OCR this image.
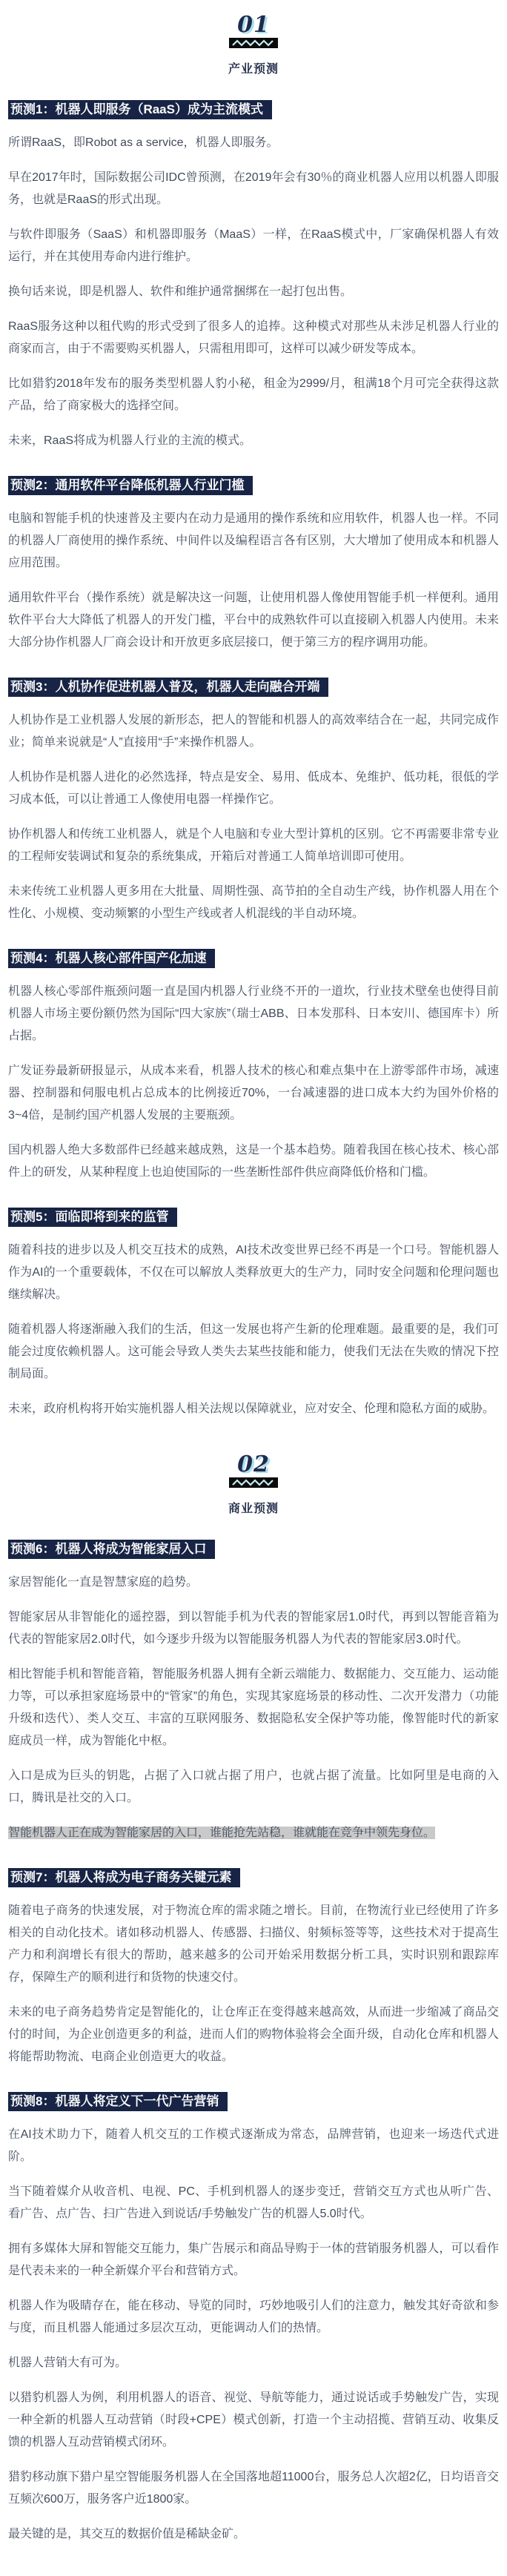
01
产业预测
预测1：机器人即服务（RaaS）成为主流模式

所谓RaaS，即Robot as a service，机器人即服务。

早在2017年时，国际数据公司IDC曾预测，在2019年会有30％的商业机器人应用以机器人即服务，也就是RaaS的形式出现。

与软件即服务（SaaS）和机器即服务（MaaS）一样，在RaaS模式中，厂家确保机器人有效运行，并在其使用寿命内进行维护。

换句话来说，即是机器人、软件和维护通常捆绑在一起打包出售。

RaaS服务这种以租代购的形式受到了很多人的追捧。这种模式对那些从未涉足机器人行业的商家而言，由于不需要购买机器人，只需租用即可，这样可以减少研发等成本。

比如猎豹2018年发布的服务类型机器人豹小秘，租金为2999/月，租满18个月可完全获得这款产品，给了商家极大的选择空间。

未来，RaaS将成为机器人行业的主流的模式。

预测2：通用软件平台降低机器人行业门槛

电脑和智能手机的快速普及主要内在动力是通用的操作系统和应用软件，机器人也一样。不同的机器人厂商使用的操作系统、中间件以及编程语言各有区别，大大增加了使用成本和机器人应用范围。

通用软件平台（操作系统）就是解决这一问题，让使用机器人像使用智能手机一样便利。通用软件平台大大降低了机器人的开发门槛，平台中的成熟软件可以直接刷入机器人内使用。未来大部分协作机器人厂商会设计和开放更多底层接口，便于第三方的程序调用功能。

预测3：人机协作促进机器人普及，机器人走向融合开端

人机协作是工业机器人发展的新形态，把人的智能和机器人的高效率结合在一起，共同完成作业；简单来说就是“人”直接用“手”来操作机器人。

人机协作是机器人进化的必然选择，特点是安全、易用、低成本、免维护、低功耗，很低的学习成本低，可以让普通工人像使用电器一样操作它。

协作机器人和传统工业机器人，就是个人电脑和专业大型计算机的区别。它不再需要非常专业的工程师安装调试和复杂的系统集成，开箱后对普通工人简单培训即可使用。

未来传统工业机器人更多用在大批量、周期性强、高节拍的全自动生产线，协作机器人用在个性化、小规模、变动频繁的小型生产线或者人机混线的半自动环境。

预测4：机器人核心部件国产化加速

机器人核心零部件瓶颈问题一直是国内机器人行业绕不开的一道坎，行业技术壁垒也使得目前机器人市场主要份额仍然为国际“四大家族”（瑞士ABB、日本发那科、日本安川、德国库卡）所占据。

广发证券最新研报显示，从成本来看，机器人技术的核心和难点集中在上游零部件市场，减速器、控制器和伺服电机占总成本的比例接近70%，一台减速器的进口成本大约为国外价格的3~4倍，是制约国产机器人发展的主要瓶颈。

国内机器人绝大多数部件已经越来越成熟，这是一个基本趋势。随着我国在核心技术、核心部件上的研发，从某种程度上也迫使国际的一些垄断性部件供应商降低价格和门槛。

预测5：面临即将到来的监管

随着科技的进步以及人机交互技术的成熟，AI技术改变世界已经不再是一个口号。智能机器人作为AI的一个重要载体，不仅在可以解放人类释放更大的生产力，同时安全问题和伦理问题也继续解决。

随着机器人将逐渐融入我们的生活，但这一发展也将产生新的伦理难题。最重要的是，我们可能会过度依赖机器人。这可能会导致人类失去某些技能和能力，使我们无法在失败的情况下控制局面。

未来，政府机构将开始实施机器人相关法规以保障就业，应对安全、伦理和隐私方面的威胁。

02
商业预测
预测6：机器人将成为智能家居入口

家居智能化一直是智慧家庭的趋势。

智能家居从非智能化的遥控器，到以智能手机为代表的智能家居1.0时代，再到以智能音箱为代表的智能家居2.0时代，如今逐步升级为以智能服务机器人为代表的智能家居3.0时代。

相比智能手机和智能音箱，智能服务机器人拥有全新云端能力、数据能力、交互能力、运动能力等，可以承担家庭场景中的“管家”的角色，实现其家庭场景的移动性、二次开发潜力（功能升级和迭代）、类人交互、丰富的互联网服务、数据隐私安全保护等功能，像智能时代的新家庭成员一样，成为智能化中枢。

入口是成为巨头的钥匙，占据了入口就占据了用户，也就占据了流量。比如阿里是电商的入口，腾讯是社交的入口。

智能机器人正在成为智能家居的入口，谁能抢先站稳，谁就能在竞争中领先身位。

预测7：机器人将成为电子商务关键元素

随着电子商务的快速发展，对于物流仓库的需求随之增长。目前，在物流行业已经使用了许多相关的自动化技术。诸如移动机器人、传感器、扫描仪、射频标签等等，这些技术对于提高生产力和利润增长有很大的帮助，越来越多的公司开始采用数据分析工具，实时识别和跟踪库存，保障生产的顺利进行和货物的快速交付。

未来的电子商务趋势肯定是智能化的，让仓库正在变得越来越高效，从而进一步缩减了商品交付的时间，为企业创造更多的利益，进而人们的购物体验将会全面升级，自动化仓库和机器人将能帮助物流、电商企业创造更大的收益。

预测8：机器人将定义下一代广告营销

在AI技术助力下，随着人机交互的工作模式逐渐成为常态，品牌营销，也迎来一场迭代式进阶。

当下随着媒介从收音机、电视、PC、手机到机器人的逐步变迁，营销交互方式也从听广告、看广告、点广告、扫广告进入到说话/手势触发广告的机器人5.0时代。

拥有多媒体大屏和智能交互能力，集广告展示和商品导购于一体的营销服务机器人，可以看作是代表未来的一种全新媒介平台和营销方式。

机器人作为吸睛存在，能在移动、导览的同时，巧妙地吸引人们的注意力，触发其好奇欲和参与度，而且机器人能通过多层次互动，更能调动人们的热情。

机器人营销大有可为。

以猎豹机器人为例，利用机器人的语音、视觉、导航等能力，通过说话或手势触发广告，实现一种全新的机器人互动营销（时段+CPE）模式创新，打造一个主动招揽、营销互动、收集反馈的机器人互动营销模式闭环。

猎豹移动旗下猎户星空智能服务机器人在全国落地超11000台，服务总人次超2亿，日均语音交互频次600万，服务客户近1800家。

最关键的是，其交互的数据价值是稀缺金矿。
